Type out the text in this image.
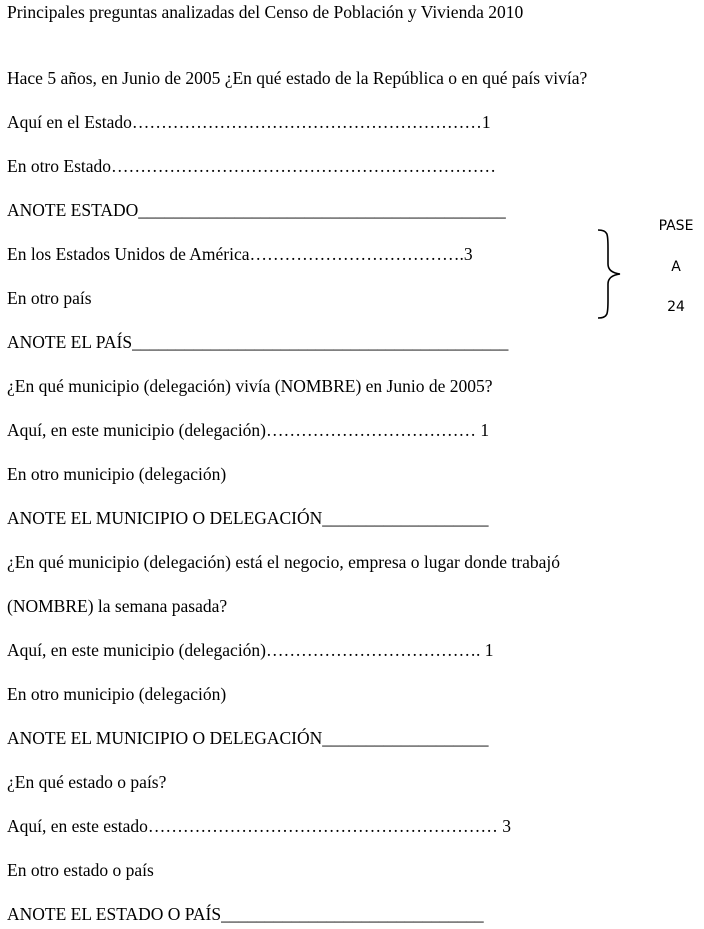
Principales preguntas analizadas del Censo de Población y Vivienda 2010
Hace 5 años, en Junio de 2005 ¿En qué estado de la República o en qué país vivía?
Aquí en el Estado……………………………………………………1
En otro Estado…………………………………………………………
ANOTE ESTADO__________________________________________
En los Estados Unidos de América……………………………….3
En otro país
ANOTE EL PAÍS___________________________________________
¿En qué municipio (delegación) vivía (NOMBRE) en Junio de 2005?
Aquí, en este municipio (delegación)……………………………… 1
En otro municipio (delegación)
ANOTE EL MUNICIPIO O DELEGACIÓN___________________
¿En qué municipio (delegación) está el negocio, empresa o lugar donde trabajó
(NOMBRE) la semana pasada?
Aquí, en este municipio (delegación)………………………………. 1
En otro municipio (delegación)
ANOTE EL MUNICIPIO O DELEGACIÓN___________________
¿En qué estado o país?
Aquí, en este estado…………………………………………………… 3
En otro estado o país
ANOTE EL ESTADO O PAÍS______________________________
PASE
A
24
